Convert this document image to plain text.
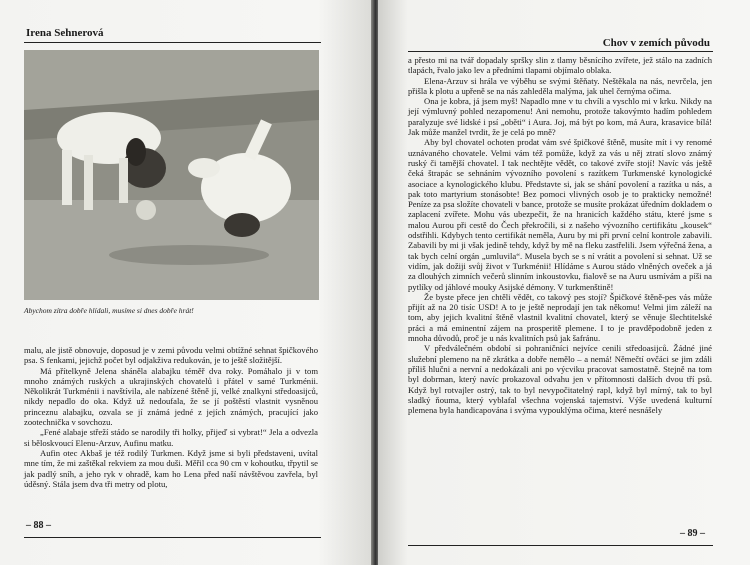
Irena Sehnerová
Abychom zítra dobře hlídali, musíme si dnes dobře hrát!

malu, ale jistě obnovuje, doposud je v zemi původu velmi obtížné sehnat špičkového psa. S fenkami, jejichž počet byl odjakživa redukován, je to ještě složitější.

Má přítelkyně Jelena sháněla alabajku téměř dva roky. Pomáhalo ji v tom mnoho známých ruských a ukrajinských chovatelů i přátel v samé Turkménii. Několikrát Turkménii i navštívila, ale nabízené štěně jí, velké znalkyni středoasijců, nikdy nepadlo do oka. Když už nedoufala, že se jí poštěstí vlastnit vysněnou princeznu alabajku, ozvala se jí známá jedné z jejích známých, pracující jako zootechnička v sovchozu.

„Fené alabaje střeží stádo se narodily tři holky, přijeď si vybrat!“ Jela a odvezla si běloskvoucí Elenu-Arzuv, Aufinu matku.

Aufin otec Akbaš je též rodilý Turkmen. Když jsme si byli představeni, uvítal mne tím, že mi zaštěkal rekviem za mou duši. Měřil cca 90 cm v kohoutku, třpytil se jak padlý sníh, a jeho ryk v ohradě, kam ho Lena před naší návštěvou zavřela, byl úděsný. Stála jsem dva tři metry od plotu,

– 88 –
Chov v zemích původu

a přesto mi na tvář dopadaly spršky slin z tlamy běsnícího zvířete, jež stálo na zadních tlapách, řvalo jako lev a předními tlapami objímalo oblaka.

Elena-Arzuv si hrála ve výběhu se svými štěňaty. Neštěkala na nás, nevrčela, jen přišla k plotu a upřeně se na nás zahleděla malýma, jak uhel černýma očima.

Ona je kobra, já jsem myš! Napadlo mne v tu chvíli a vyschlo mi v krku. Nikdy na její výmluvný pohled nezapomenu! Ani nemohu, protože takovýmto hadím pohledem paralyzuje své lidské i psí „oběti“ i Aura. Joj, má být po kom, má Aura, krasavice bílá! Jak může manžel tvrdit, že je celá po mně?

Aby byl chovatel ochoten prodat vám své špičkové štěně, musíte mít i vy renomé uznávaného chovatele. Velmi vám též pomůže, když za vás u něj ztratí slovo známý ruský či tamější chovatel. I tak nechtějte vědět, co takové zvíře stojí! Navíc vás ještě čeká štrapác se sehnáním vývozního povolení s razítkem Turkmenské kynologické asociace a kynologického klubu. Představte si, jak se shání povolení a razítka u nás, a pak toto martyrium stonásobte! Bez pomoci vlivných osob je to prakticky nemožné! Peníze za psa složíte chovateli v bance, protože se musíte prokázat úředním dokladem o zaplacení zvířete. Mohu vás ubezpečit, že na hranicích každého státu, které jsme s malou Aurou při cestě do Čech překročili, si z našeho vývozního certifikátu „kousek“ odstřihli. Kdybych tento certifikát neměla, Auru by mi při první celní kontrole zabavili. Zabavili by mi ji však jedině tehdy, když by mě na fleku zastřelili. Jsem výřečná žena, a tak bych celní orgán „umluvila“. Musela bych se s ní vrátit a povolení si sehnat. Už se vidím, jak dožiji svůj život v Turkménii! Hlídáme s Aurou stádo vlněných oveček a já za dlouhých zimních večerů slinním inkoustovku, fialově se na Auru usmívám a píši na pytlíky od jáhlové mouky Asijské démony. V turkmenštině!

Že byste přece jen chtěli vědět, co takový pes stojí? Špičkové štěně-pes vás může přijít až na 20 tisíc USD! A to je ještě neprodají jen tak někomu! Velmi jim záleží na tom, aby jejich kvalitní štěně vlastnil kvalitní chovatel, který se věnuje šlechtitelské práci a má eminentní zájem na prosperitě plemene. I to je pravděpodobně jeden z mnoha důvodů, proč je u nás kvalitních psů jak šafránu.

V předválečném období si pohraničníci nejvíce cenili středoasijců. Žádné jiné služební plemeno na ně zkrátka a dobře nemělo – a nemá! Němečtí ovčáci se jim zdáli příliš hlučni a nervní a nedokázali ani po výcviku pracovat samostatně. Stejně na tom byl dobrman, který navíc prokazoval odvahu jen v přítomnosti dalších dvou tří psů. Když byl rotvajler ostrý, tak to byl nevypočitatelný rapl, když byl mírný, tak to byl sladký ňouma, který vyblafal všechna vojenská tajemství. Výše uvedená kulturní plemena byla handicapována i svýma vypouklýma očima, které nesnášely

– 89 –
